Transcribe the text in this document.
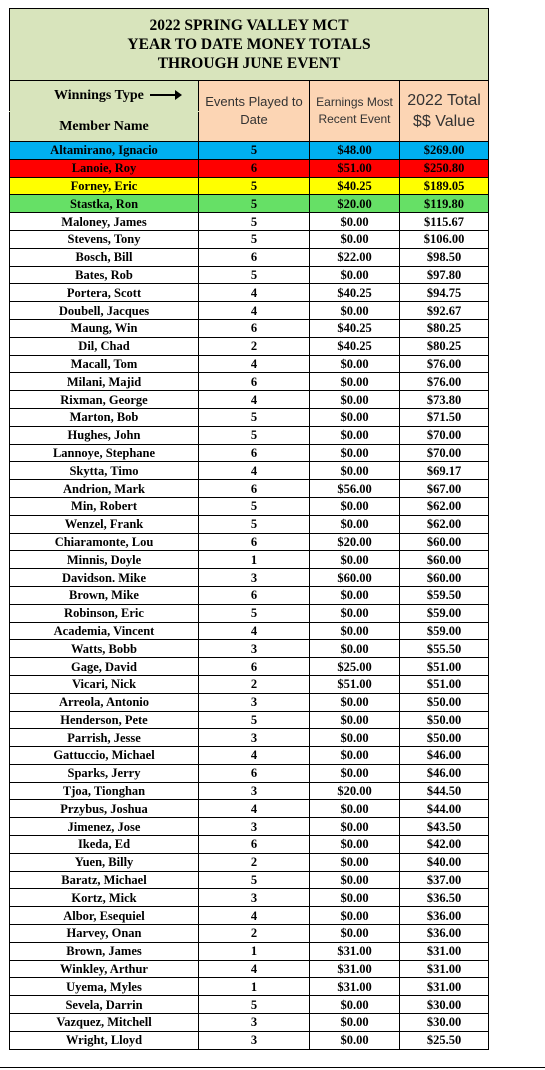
2022 SPRING VALLEY MCT
YEAR TO DATE MONEY TOTALS
THROUGH JUNE EVENT			

Winnings Type	Events Played to Date	Earnings Most Recent Event	2022 Total $$ Value
Member Name			
Altamirano, Ignacio	5	$48.00	$269.00
Lanoie, Roy	6	$51.00	$250.80
Forney, Eric	5	$40.25	$189.05
Stastka, Ron	5	$20.00	$119.80
Maloney, James	5	$0.00	$115.67
Stevens, Tony	5	$0.00	$106.00
Bosch, Bill	6	$22.00	$98.50
Bates, Rob	5	$0.00	$97.80
Portera, Scott	4	$40.25	$94.75
Doubell, Jacques	4	$0.00	$92.67
Maung, Win	6	$40.25	$80.25
Dil, Chad	2	$40.25	$80.25
Macall, Tom	4	$0.00	$76.00
Milani, Majid	6	$0.00	$76.00
Rixman, George	4	$0.00	$73.80
Marton, Bob	5	$0.00	$71.50
Hughes, John	5	$0.00	$70.00
Lannoye, Stephane	6	$0.00	$70.00
Skytta, Timo	4	$0.00	$69.17
Andrion, Mark	6	$56.00	$67.00
Min, Robert	5	$0.00	$62.00
Wenzel, Frank	5	$0.00	$62.00
Chiaramonte, Lou	6	$20.00	$60.00
Minnis, Doyle	1	$0.00	$60.00
Davidson. Mike	3	$60.00	$60.00
Brown, Mike	6	$0.00	$59.50
Robinson, Eric	5	$0.00	$59.00
Academia, Vincent	4	$0.00	$59.00
Watts, Bobb	3	$0.00	$55.50
Gage, David	6	$25.00	$51.00
Vicari, Nick	2	$51.00	$51.00
Arreola, Antonio	3	$0.00	$50.00
Henderson, Pete	5	$0.00	$50.00
Parrish, Jesse	3	$0.00	$50.00
Gattuccio, Michael	4	$0.00	$46.00
Sparks, Jerry	6	$0.00	$46.00
Tjoa, Tionghan	3	$20.00	$44.50
Przybus, Joshua	4	$0.00	$44.00
Jimenez, Jose	3	$0.00	$43.50
Ikeda, Ed	6	$0.00	$42.00
Yuen, Billy	2	$0.00	$40.00
Baratz, Michael	5	$0.00	$37.00
Kortz, Mick	3	$0.00	$36.50
Albor, Esequiel	4	$0.00	$36.00
Harvey, Onan	2	$0.00	$36.00
Brown, James	1	$31.00	$31.00
Winkley, Arthur	4	$31.00	$31.00
Uyema, Myles	1	$31.00	$31.00
Sevela, Darrin	5	$0.00	$30.00
Vazquez, Mitchell	3	$0.00	$30.00
Wright, Lloyd	3	$0.00	$25.50
